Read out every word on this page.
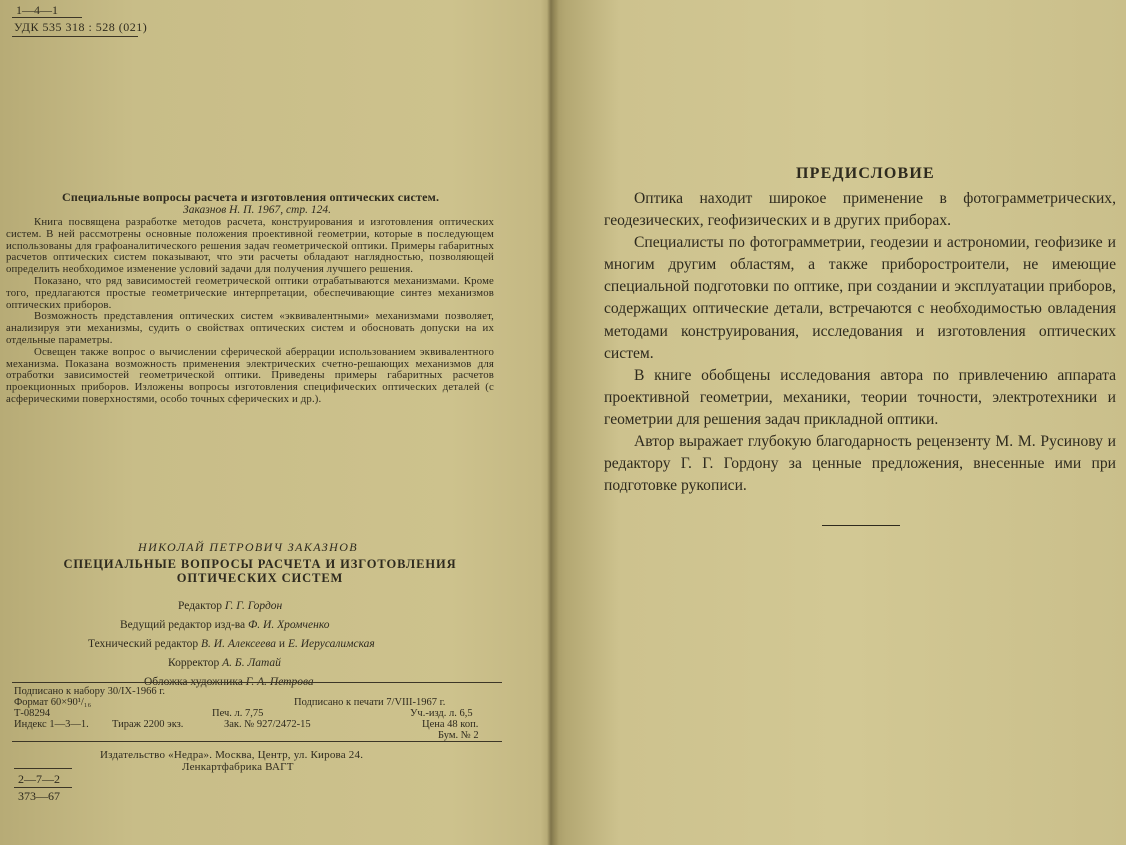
1—4—1
УДК 535 318 : 528 (021)
Специальные вопросы расчета и изготовления оптических систем.
Заказнов Н. П. 1967, стр. 124.

Книга посвящена разработке методов расчета, конструирования и изготовления оптических систем. В ней рассмотрены основные положения проективной геометрии, которые в последующем использованы для графоаналитического решения задач геометрической оптики. Примеры габаритных расчетов оптических систем показывают, что эти расчеты обладают наглядностью, позволяющей определить необходимое изменение условий задачи для получения лучшего решения.

Показано, что ряд зависимостей геометрической оптики отрабатываются механизмами. Кроме того, предлагаются простые геометрические интерпретации, обеспечивающие синтез механизмов оптических приборов.

Возможность представления оптических систем «эквивалентными» механизмами позволяет, анализируя эти механизмы, судить о свойствах оптических систем и обосновать допуски на их отдельные параметры.

Освещен также вопрос о вычислении сферической аберрации использованием эквивалентного механизма. Показана возможность применения электрических счетно-решающих механизмов для отработки зависимостей геометрической оптики. Приведены примеры габаритных расчетов проекционных приборов. Изложены вопросы изготовления специфических оптических деталей (с асферическими поверхностями, особо точных сферических и др.).

НИКОЛАЙ ПЕТРОВИЧ ЗАКАЗНОВ
СПЕЦИАЛЬНЫЕ ВОПРОСЫ РАСЧЕТА И ИЗГОТОВЛЕНИЯ
ОПТИЧЕСКИХ СИСТЕМ
Редактор Г. Г. Гордон
Ведущий редактор изд-ва Ф. И. Хромченко
Технический редактор В. И. Алексеева и Е. Иерусалимская
Корректор А. Б. Латай
Обложка художника Г. А. Петрова
Подписано к набору 30/IX-1966 г.
Формат 60×90¹/₁₆
Т-08294
Индекс 1—3—1. Тираж 2200 экз.
Подписано к печати 7/VIII-1967 г.
Печ. л. 7,75	Уч.-изд. л. 6,5
Цена 48 коп.
Зак. № 927/2472-15
Бум. № 2
Издательство «Недра». Москва, Центр, ул. Кирова 24.
Ленкартфабрика ВАГТ
2—7—2
373—67
ПРЕДИСЛОВИЕ

Оптика находит широкое применение в фотограмметрических, геодезических, геофизических и в других приборах.

Специалисты по фотограмметрии, геодезии и астрономии, геофизике и многим другим областям, а также приборостроители, не имеющие специальной подготовки по оптике, при создании и эксплуатации приборов, содержащих оптические детали, встречаются с необходимостью овладения методами конструирования, исследования и изготовления оптических систем.

В книге обобщены исследования автора по привлечению аппарата проективной геометрии, механики, теории точности, электротехники и геометрии для решения задач прикладной оптики.

Автор выражает глубокую благодарность рецензенту М. М. Русинову и редактору Г. Г. Гордону за ценные предложения, внесенные ими при подготовке рукописи.
